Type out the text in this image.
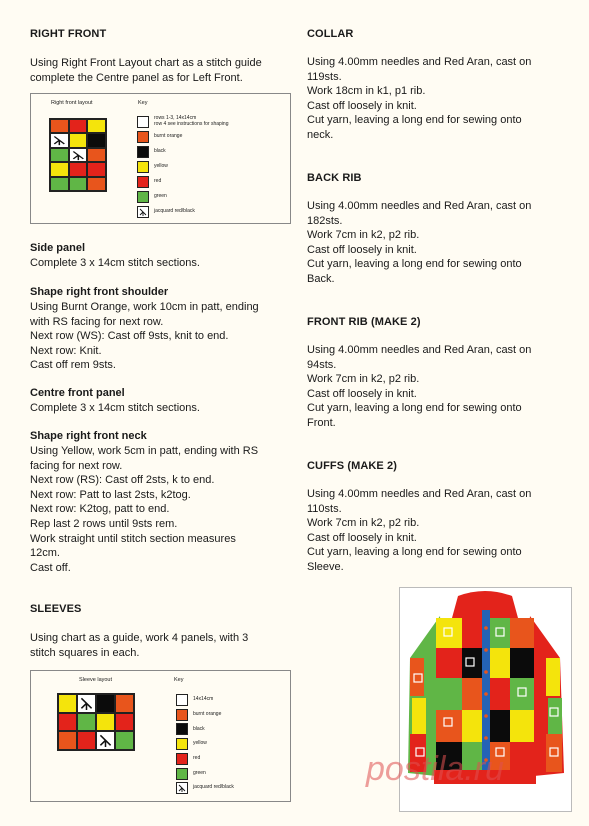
RIGHT FRONT
Using Right Front Layout chart as a stitch guide
complete the Centre panel as for Left Front.
Right front layout	Key
rows 1-3, 14x14cm
row 4 see instructions for shaping
burnt orange
black
yellow
red
green
jacquard red/black
Side panel
Complete 3 x 14cm stitch sections.
Shape right front shoulder
Using Burnt Orange, work 10cm in patt, ending
with RS facing for next row.
Next row (WS): Cast off 9sts, knit to end.
Next row: Knit.
Cast off rem 9sts.
Centre front panel
Complete 3 x 14cm stitch sections.
Shape right front neck
Using Yellow, work 5cm in patt, ending with RS
facing for next row.
Next row (RS): Cast off 2sts, k to end.
Next row: Patt to last 2sts, k2tog.
Next row: K2tog, patt to end.
Rep last 2 rows until 9sts rem.
Work straight until stitch section measures
12cm.
Cast off.
SLEEVES
Using chart as a guide, work 4 panels, with 3
stitch squares in each.
Sleeve layout	Key
14x14cm
burnt orange
black
yellow
red
green
jacquard red/black
COLLAR
Using 4.00mm needles and Red Aran, cast on
119sts.
Work 18cm in k1, p1 rib.
Cast off loosely in knit.
Cut yarn, leaving a long end for sewing onto
neck.
BACK RIB
Using 4.00mm needles and Red Aran, cast on
182sts.
Work 7cm in k2, p2 rib.
Cast off loosely in knit.
Cut yarn, leaving a long end for sewing onto
Back.
FRONT RIB (MAKE 2)
Using 4.00mm needles and Red Aran, cast on
94sts.
Work 7cm in k2, p2 rib.
Cast off loosely in knit.
Cut yarn, leaving a long end for sewing onto
Front.
CUFFS (MAKE 2)
Using 4.00mm needles and Red Aran, cast on
110sts.
Work 7cm in k2, p2 rib.
Cast off loosely in knit.
Cut yarn, leaving a long end for sewing onto
Sleeve.
postila.ru
